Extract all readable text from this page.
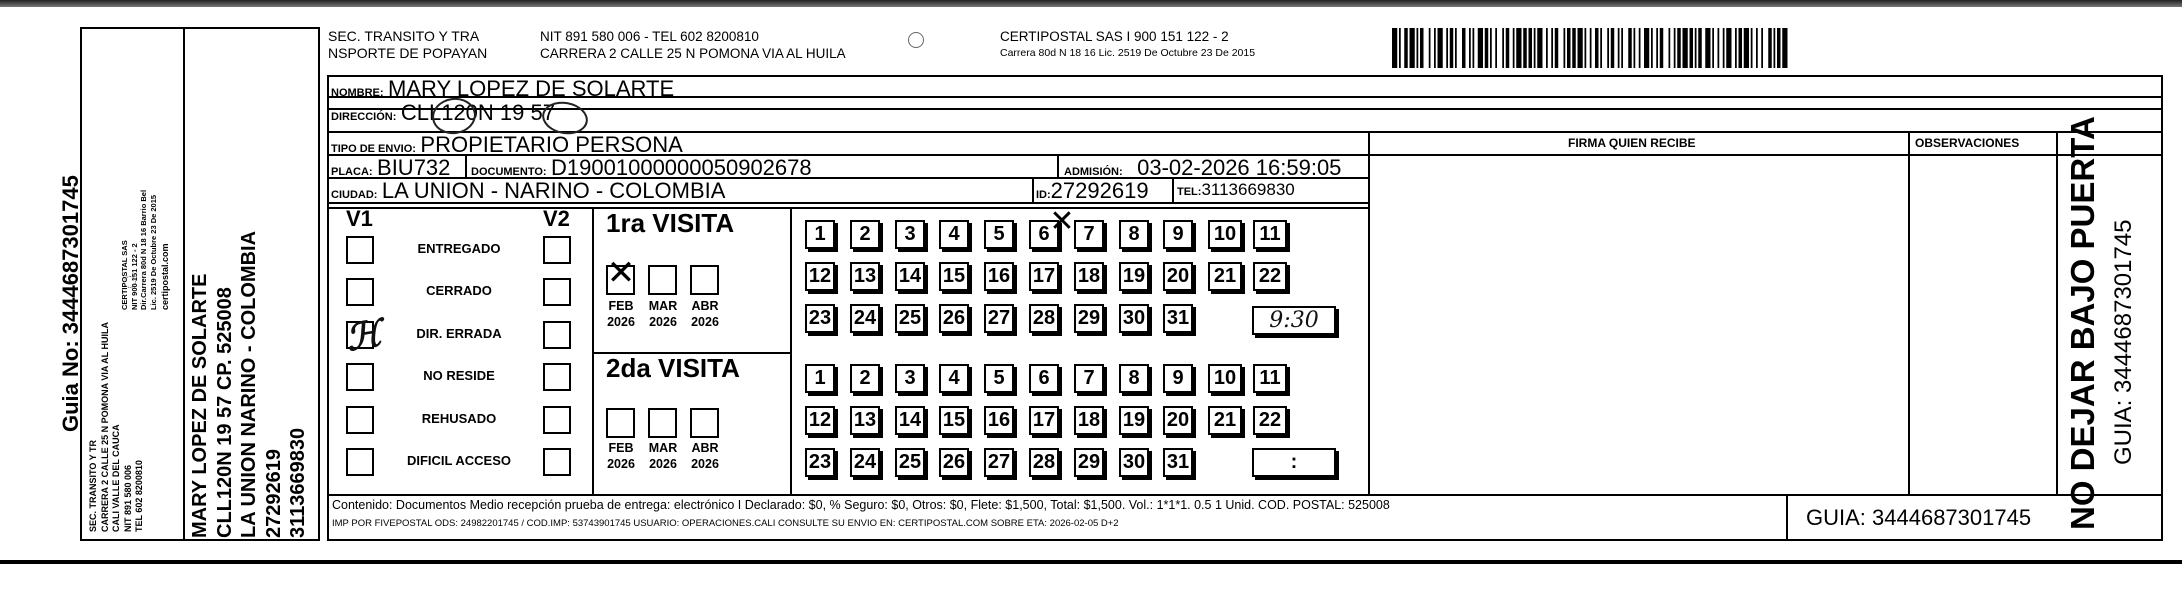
Guia No: 3444687301745
SEC. TRANSITO Y TR CARRERA 2 CALLE 25 N POMONA VIA AL HUILA CALI VALLE DEL CAUCA NIT 891 580 006 TEL 602 8200810
CERTIPOSTAL SAS NIT 900 151 122 - 2 Dir.Carrera 80d N 18 16 Barrio Bel Lic. 2519 De Octubre 23 De 2015 certipostal.com MARY LOPEZ DE SOLARTE CLL120N 19 57 CP. 525008 LA UNION NARINO - COLOMBIA 27292619 3113669830
SEC. TRANSITO Y TRA
NSPORTE DE POPAYAN
NIT 891 580 006 - TEL 602 8200810
CARRERA 2 CALLE 25 N POMONA VIA AL HUILA
CERTIPOSTAL SAS I 900 151 122 - 2
Carrera 80d N 18 16 Lic. 2519 De Octubre 23 De 2015
NOMBRE: MARY LOPEZ DE SOLARTE
DIRECCIÓN: CLL120N 19 57
TIPO DE ENVIO: PROPIETARIO PERSONA
PLACA: BIU732 DOCUMENTO: D19001000000050902678	ADMISIÓN: 03-02-2026 16:59:05
CIUDAD: LA UNION - NARINO - COLOMBIA	ID:27292619	TEL:3113669830
FIRMA QUIEN RECIBE	OBSERVACIONES
V1	V2
ENTREGADO
CERRADO
DIR. ERRADA
NO RESIDE
REHUSADO
DIFICIL ACCESO
ℋ
1ra VISITA
2da VISITA
FEB
2026
MAR
2026
ABR
2026
FEB
2026
MAR
2026
ABR
2026
1	2	3	4	5	6	7	8	9	10	11
12 13 14 15 16 17 18 19 20 21 22
23 24 25 26 27 28 29 30 31
1	2	3	4	5	6	7	8	9	10	11
12 13 14 15 16 17 18 19 20 21 22
23 24 25 26 27 28 29 30 31
✕
✕
9:30
:
Contenido: Documentos Medio recepción prueba de entrega: electrónico I Declarado: $0, % Seguro: $0, Otros: $0, Flete: $1,500, Total: $1,500. Vol.: 1*1*1. 0.5 1 Unid. COD. POSTAL: 525008
IMP POR FIVEPOSTAL ODS: 24982201745 / COD.IMP: 53743901745 USUARIO: OPERACIONES.CALI CONSULTE SU ENVIO EN: CERTIPOSTAL.COM SOBRE ETA: 2026-02-05 D+2	GUIA: 3444687301745 NO DEJAR BAJO PUERTA GUIA: 3444687301745
